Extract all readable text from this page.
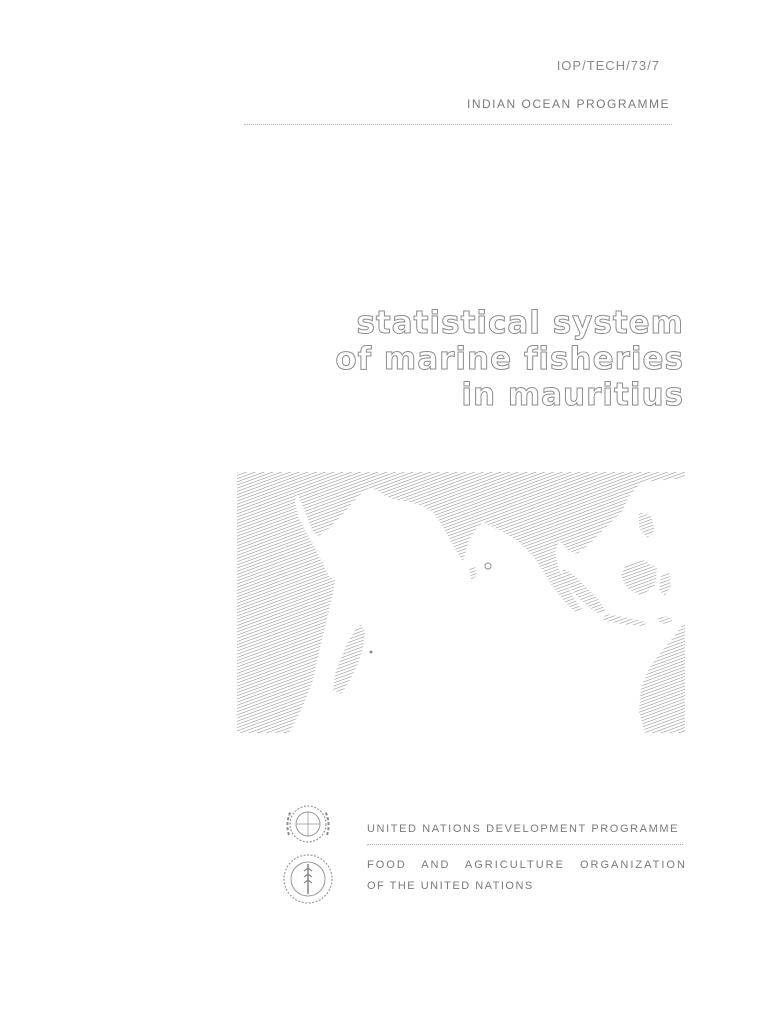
IOP/TECH/73/7
INDIAN OCEAN PROGRAMME
statistical system
of marine fisheries
in mauritius
UNITED NATIONS DEVELOPMENT PROGRAMME
FOOD AND AGRICULTURE ORGANIZATION
OF THE UNITED NATIONS
